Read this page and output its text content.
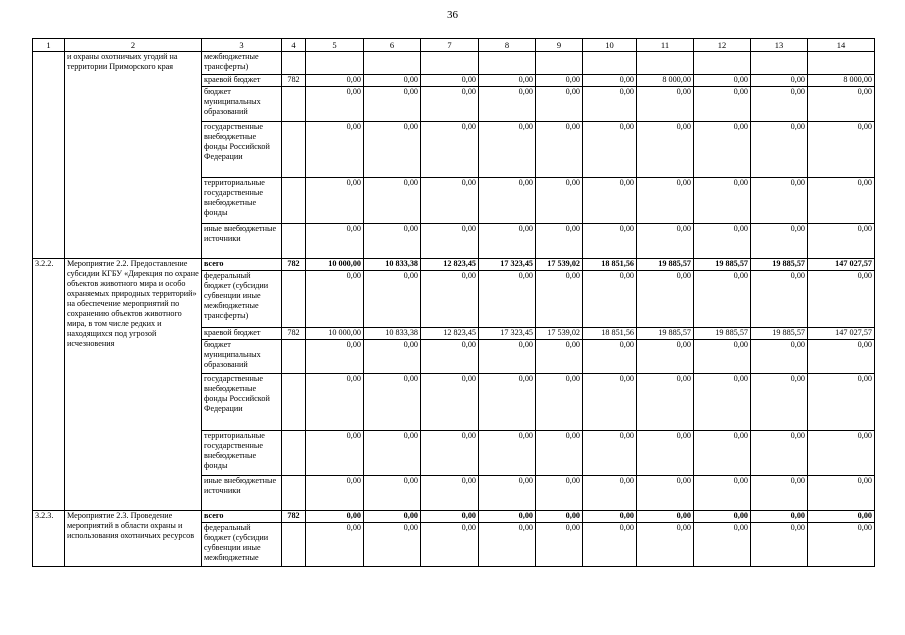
36
1	2	3	4	5	6	7	8	9	10	11	12	13	14
	и охраны охотничьих угодий на территории Приморского края	межбюджетные трансферты)											
		краевой бюджет	782	0,00	0,00	0,00	0,00	0,00	0,00	8 000,00	0,00	0,00	8 000,00
		бюджет муниципальных образований		0,00	0,00	0,00	0,00	0,00	0,00	0,00	0,00	0,00	0,00
		государственные внебюджетные фонды Российской Федерации		0,00	0,00	0,00	0,00	0,00	0,00	0,00	0,00	0,00	0,00
		территориальные государственные внебюджетные фонды		0,00	0,00	0,00	0,00	0,00	0,00	0,00	0,00	0,00	0,00
		иные внебюджетные источники		0,00	0,00	0,00	0,00	0,00	0,00	0,00	0,00	0,00	0,00
3.2.2.	Мероприятие 2.2. Предоставление субсидии КГБУ «Дирекция по охране объектов животного мира и особо охраняемых природных территорий» на обеспечение мероприятий по сохранению объектов животного мира, в том числе редких и находящихся под угрозой исчезновения	всего	782	10 000,00	10 833,38	12 823,45	17 323,45	17 539,02	18 851,56	19 885,57	19 885,57	19 885,57	147 027,57
		федеральный бюджет (субсидии субвенции иные межбюджетные трансферты)		0,00	0,00	0,00	0,00	0,00	0,00	0,00	0,00	0,00	0,00
		краевой бюджет	782	10 000,00	10 833,38	12 823,45	17 323,45	17 539,02	18 851,56	19 885,57	19 885,57	19 885,57	147 027,57
		бюджет муниципальных образований		0,00	0,00	0,00	0,00	0,00	0,00	0,00	0,00	0,00	0,00
		государственные внебюджетные фонды Российской Федерации		0,00	0,00	0,00	0,00	0,00	0,00	0,00	0,00	0,00	0,00
		территориальные государственные внебюджетные фонды		0,00	0,00	0,00	0,00	0,00	0,00	0,00	0,00	0,00	0,00
		иные внебюджетные источники		0,00	0,00	0,00	0,00	0,00	0,00	0,00	0,00	0,00	0,00
3.2.3.	Мероприятие 2.3. Проведение мероприятий в области охраны и использования охотничьих ресурсов	всего	782	0,00	0,00	0,00	0,00	0,00	0,00	0,00	0,00	0,00	0,00
		федеральный бюджет (субсидии субвенции иные межбюджетные		0,00	0,00	0,00	0,00	0,00	0,00	0,00	0,00	0,00	0,00
